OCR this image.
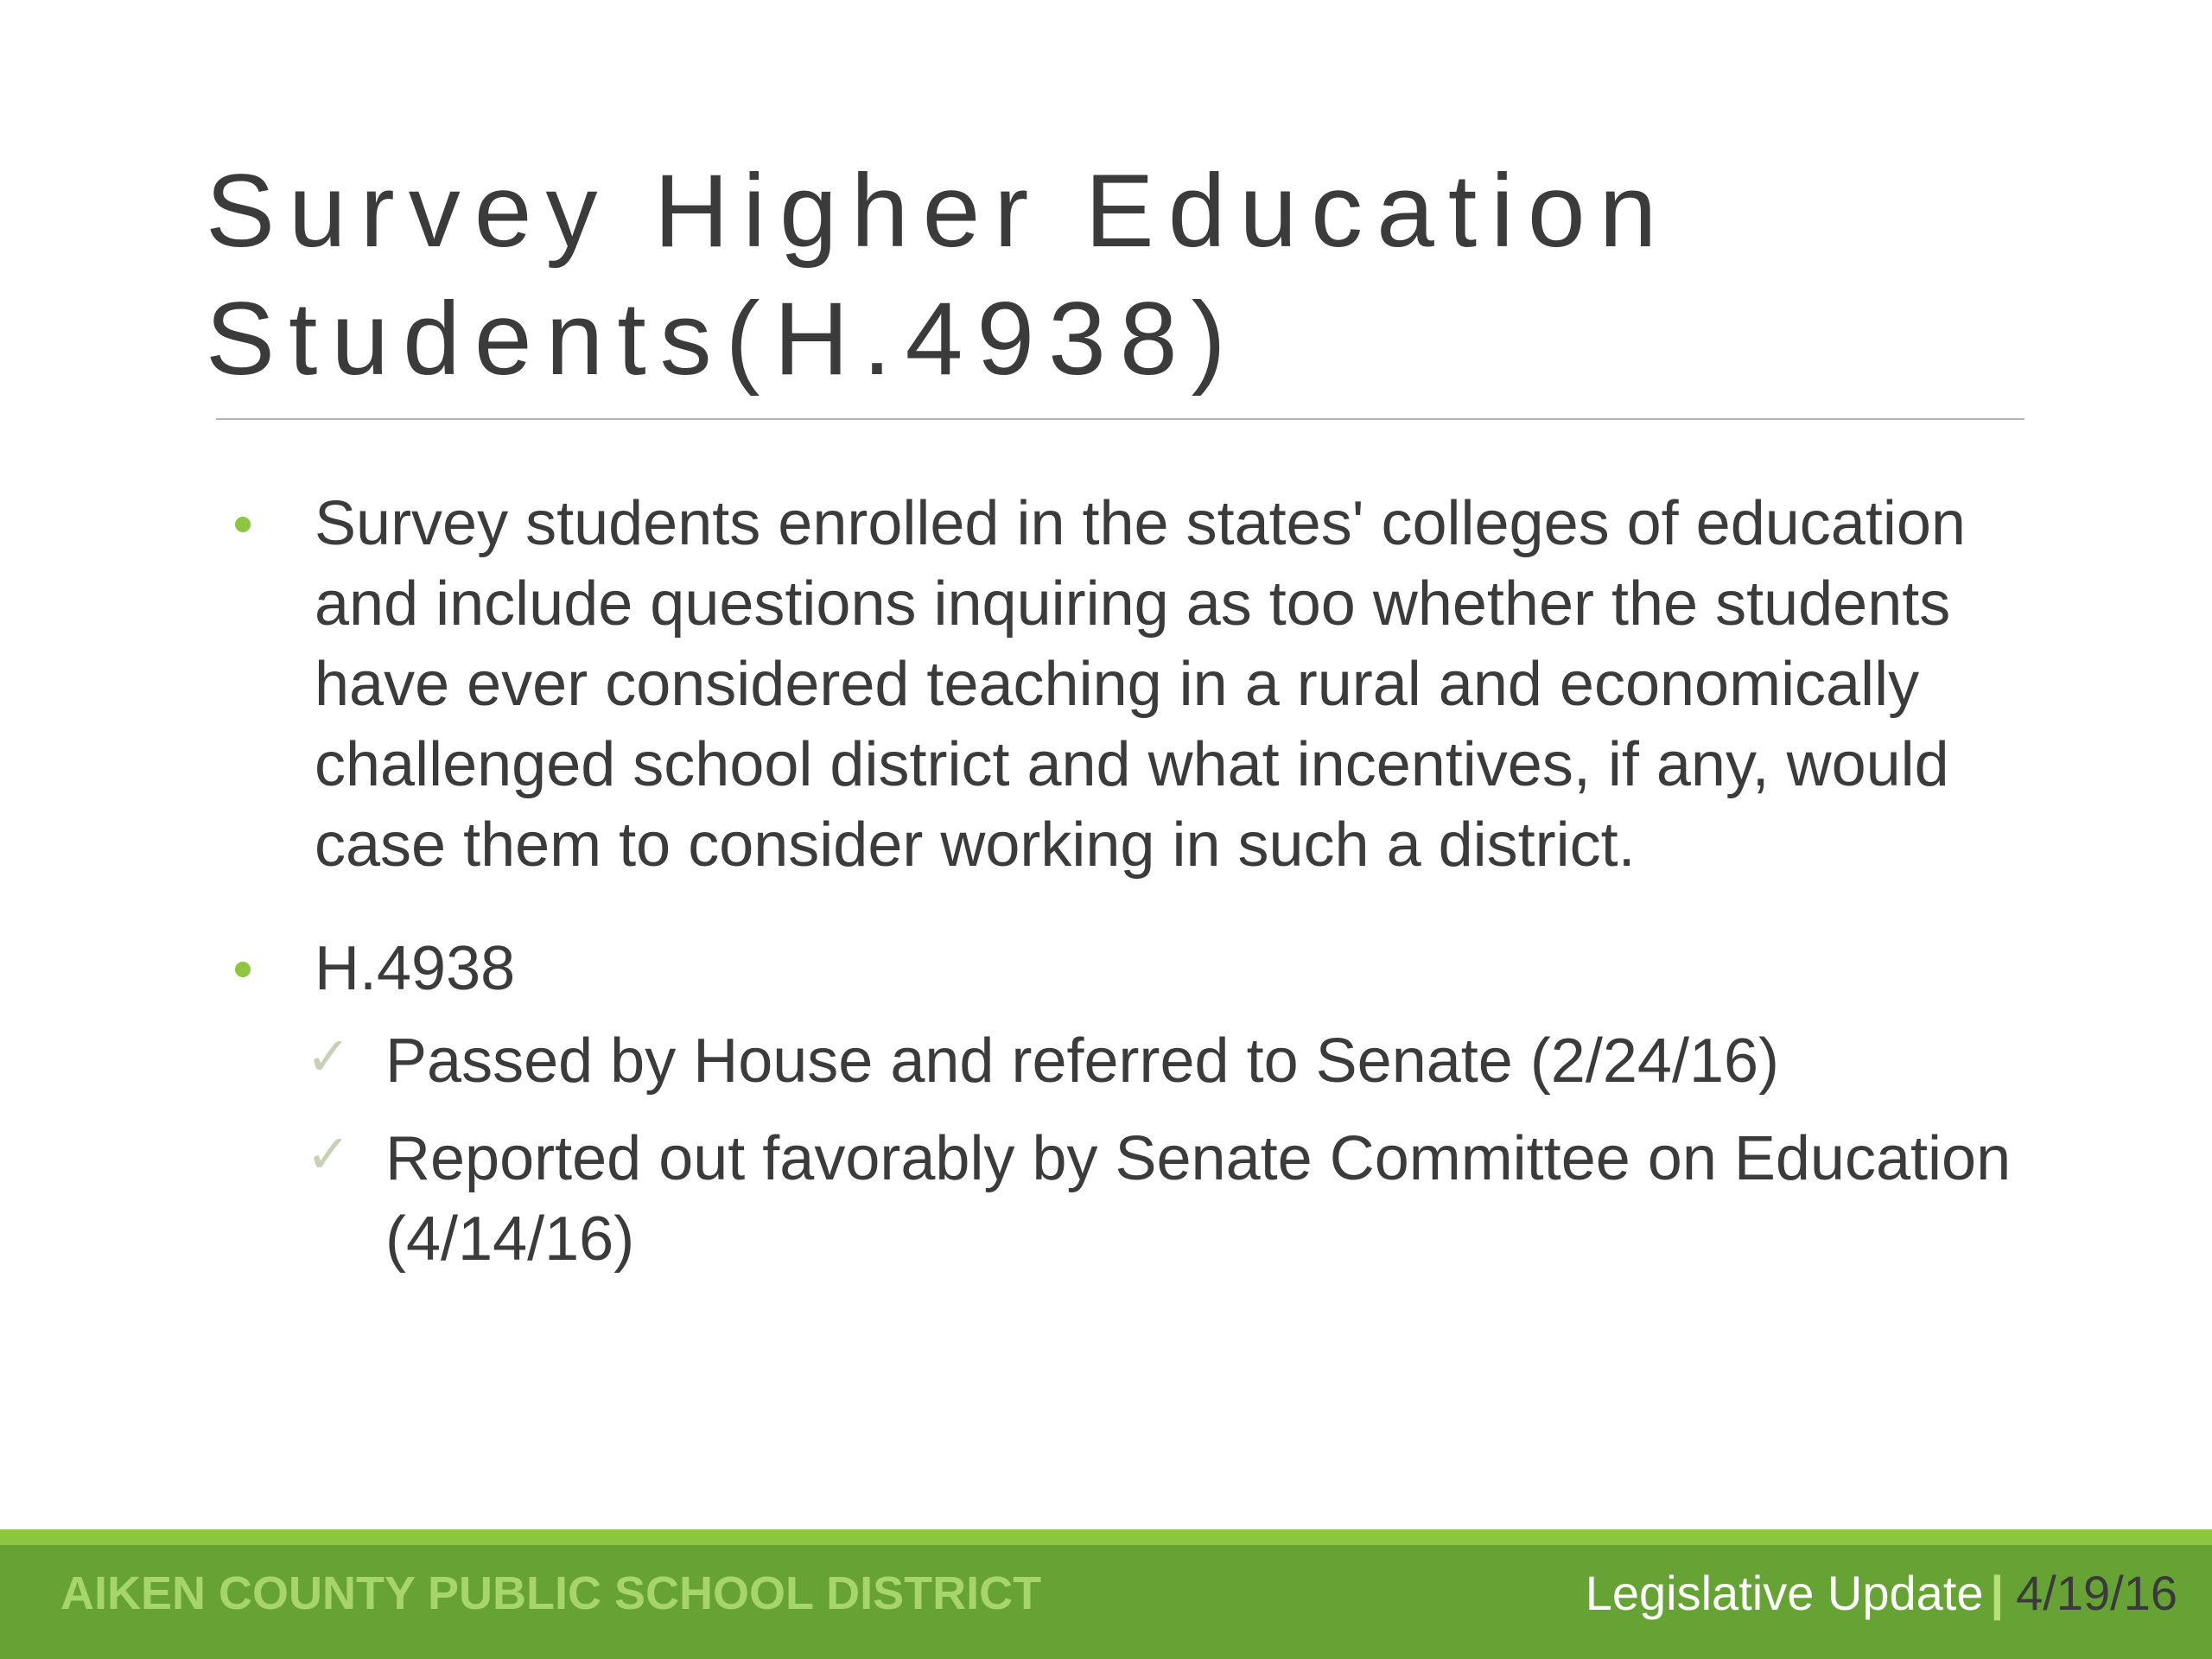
Survey Higher Education
Students(H.4938)
Survey students enrolled in the states' colleges of education and include questions inquiring as too whether the students have ever considered teaching in a rural and economically challenged school district and what incentives, if any, would case them to consider working in such a district.
H.4938
✓ Passed by House and referred to Senate (2/24/16)
✓ Reported out favorably by Senate Committee on Education (4/14/16)
AIKEN COUNTY PUBLIC SCHOOL DISTRICT	Legislative Update | 4/19/16
